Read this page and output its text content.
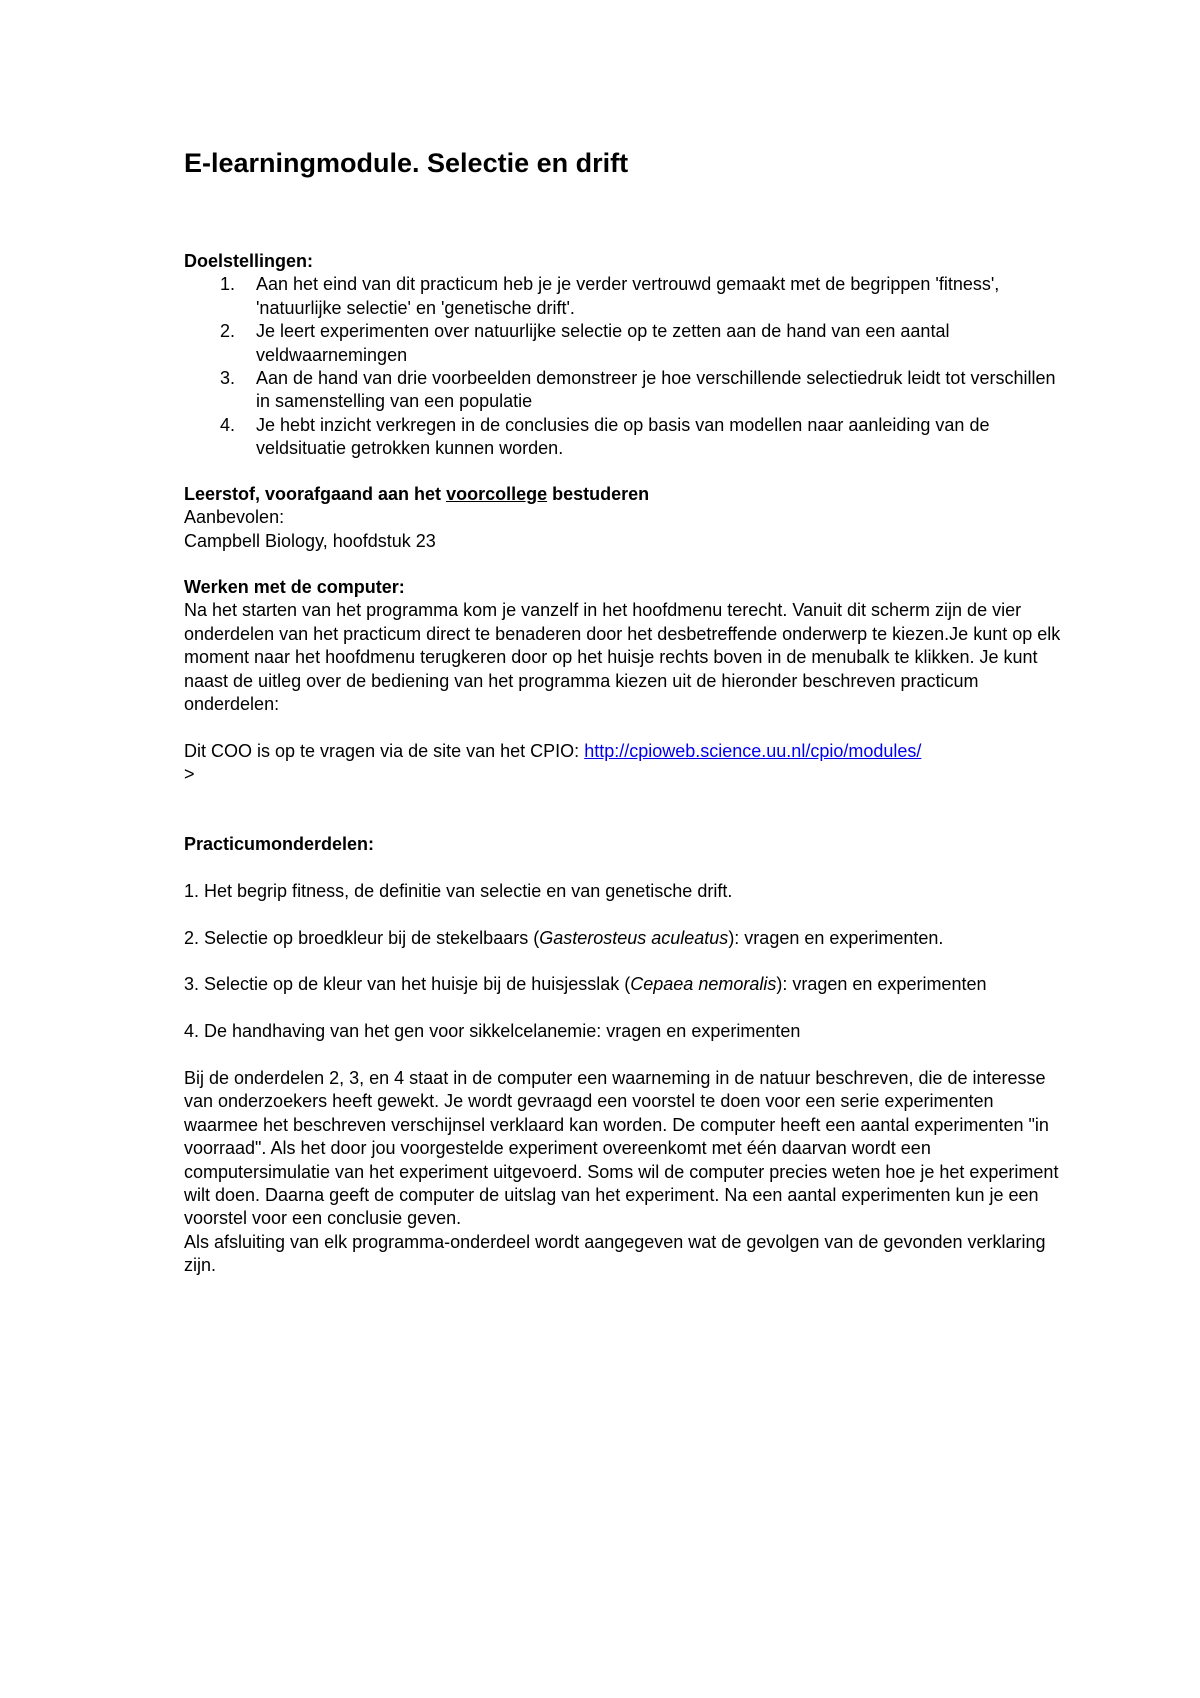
E-learningmodule. Selectie en drift
Doelstellingen:
1. Aan het eind van dit practicum heb je je verder vertrouwd gemaakt met de begrippen 'fitness', 'natuurlijke selectie' en 'genetische drift'.
2. Je leert experimenten over natuurlijke selectie op te zetten aan de hand van een aantal veldwaarnemingen
3. Aan de hand van drie voorbeelden demonstreer je hoe verschillende selectiedruk leidt tot verschillen in samenstelling van een populatie
4. Je hebt inzicht verkregen in de conclusies die op basis van modellen naar aanleiding van de veldsituatie getrokken kunnen worden.
Leerstof, voorafgaand aan het voorcollege bestuderen
Aanbevolen:
Campbell Biology, hoofdstuk 23
Werken met de computer:

Na het starten van het programma kom je vanzelf in het hoofdmenu terecht. Vanuit dit scherm zijn de vier onderdelen van het practicum direct te benaderen door het desbetreffende onderwerp te kiezen.Je kunt op elk moment naar het hoofdmenu terugkeren door op het huisje rechts boven in de menubalk te klikken. Je kunt naast de uitleg over de bediening van het programma kiezen uit de hieronder beschreven practicum onderdelen:

Dit COO is op te vragen via de site van het CPIO: http://cpioweb.science.uu.nl/cpio/modules/
>

Practicumonderdelen:

1. Het begrip fitness, de definitie van selectie en van genetische drift.

2. Selectie op broedkleur bij de stekelbaars (Gasterosteus aculeatus): vragen en experimenten.

3. Selectie op de kleur van het huisje bij de huisjesslak (Cepaea nemoralis): vragen en experimenten

4. De handhaving van het gen voor sikkelcelanemie: vragen en experimenten

Bij de onderdelen 2, 3, en 4 staat in de computer een waarneming in de natuur beschreven, die de interesse van onderzoekers heeft gewekt. Je wordt gevraagd een voorstel te doen voor een serie experimenten waarmee het beschreven verschijnsel verklaard kan worden. De computer heeft een aantal experimenten "in voorraad". Als het door jou voorgestelde experiment overeenkomt met één daarvan wordt een computersimulatie van het experiment uitgevoerd. Soms wil de computer precies weten hoe je het experiment wilt doen. Daarna geeft de computer de uitslag van het experiment. Na een aantal experimenten kun je een voorstel voor een conclusie geven.

Als afsluiting van elk programma-onderdeel wordt aangegeven wat de gevolgen van de gevonden verklaring zijn.
